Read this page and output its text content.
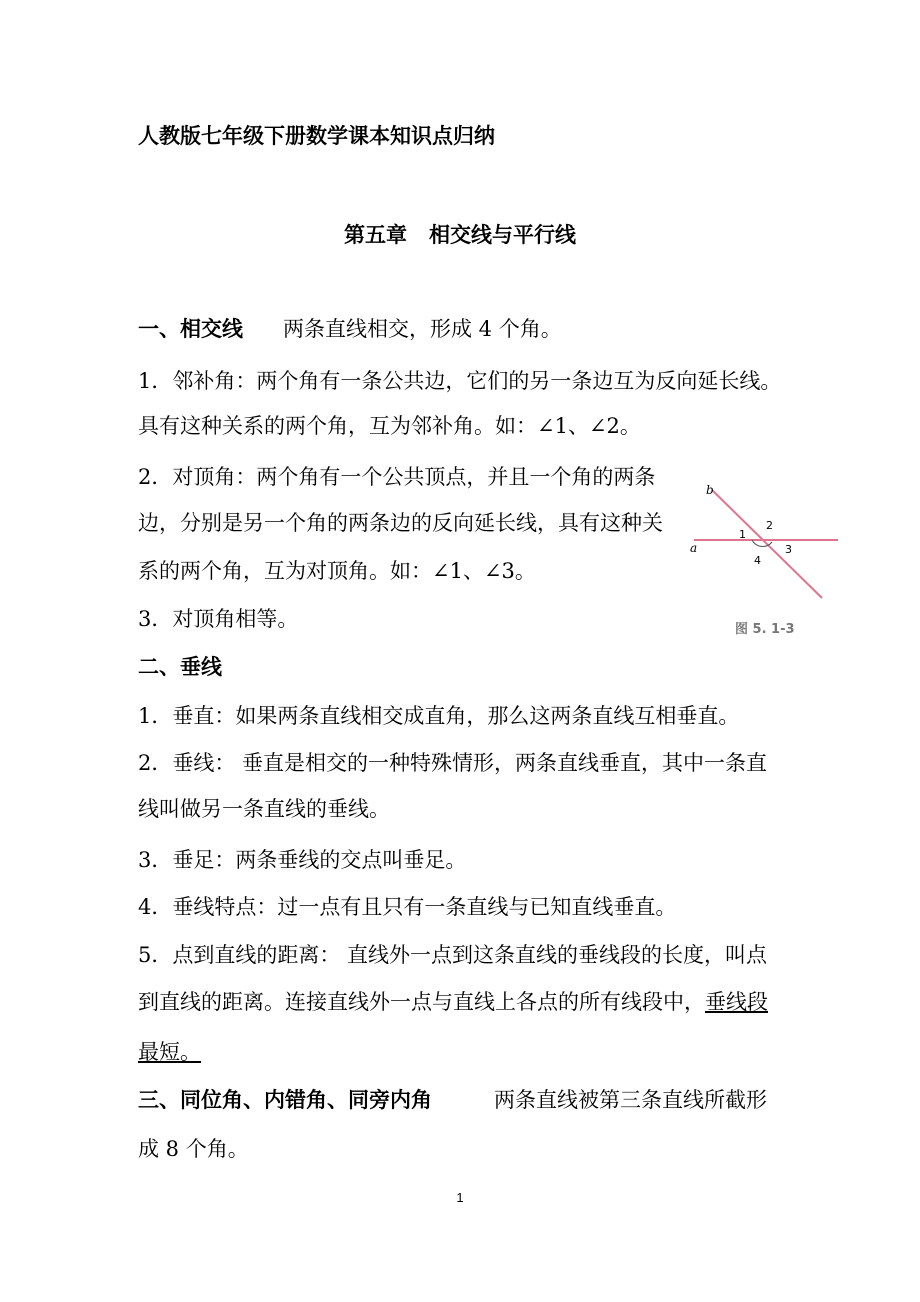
人教版七年级下册数学课本知识点归纳
第五章 相交线与平行线
一、相交线 两条直线相交，形成 4 个角。
1．邻补角：两个角有一条公共边，它们的另一条边互为反向延长线。
具有这种关系的两个角，互为邻补角。如：∠1、∠2。
2．对顶角：两个角有一个公共顶点，并且一个角的两条
边，分别是另一个角的两条边的反向延长线，具有这种关
系的两个角，互为对顶角。如：∠1、∠3。
3．对顶角相等。
b
a
1
2
3
4
图 5. 1-3
二、垂线
1．垂直：如果两条直线相交成直角，那么这两条直线互相垂直。
2．垂线： 垂直是相交的一种特殊情形，两条直线垂直，其中一条直
线叫做另一条直线的垂线。
3．垂足：两条垂线的交点叫垂足。
4．垂线特点：过一点有且只有一条直线与已知直线垂直。
5．点到直线的距离： 直线外一点到这条直线的垂线段的长度，叫点
到直线的距离。连接直线外一点与直线上各点的所有线段中，垂线段
最短。
三、同位角、内错角、同旁内角	两条直线被第三条直线所截形
成 8 个角。
1
